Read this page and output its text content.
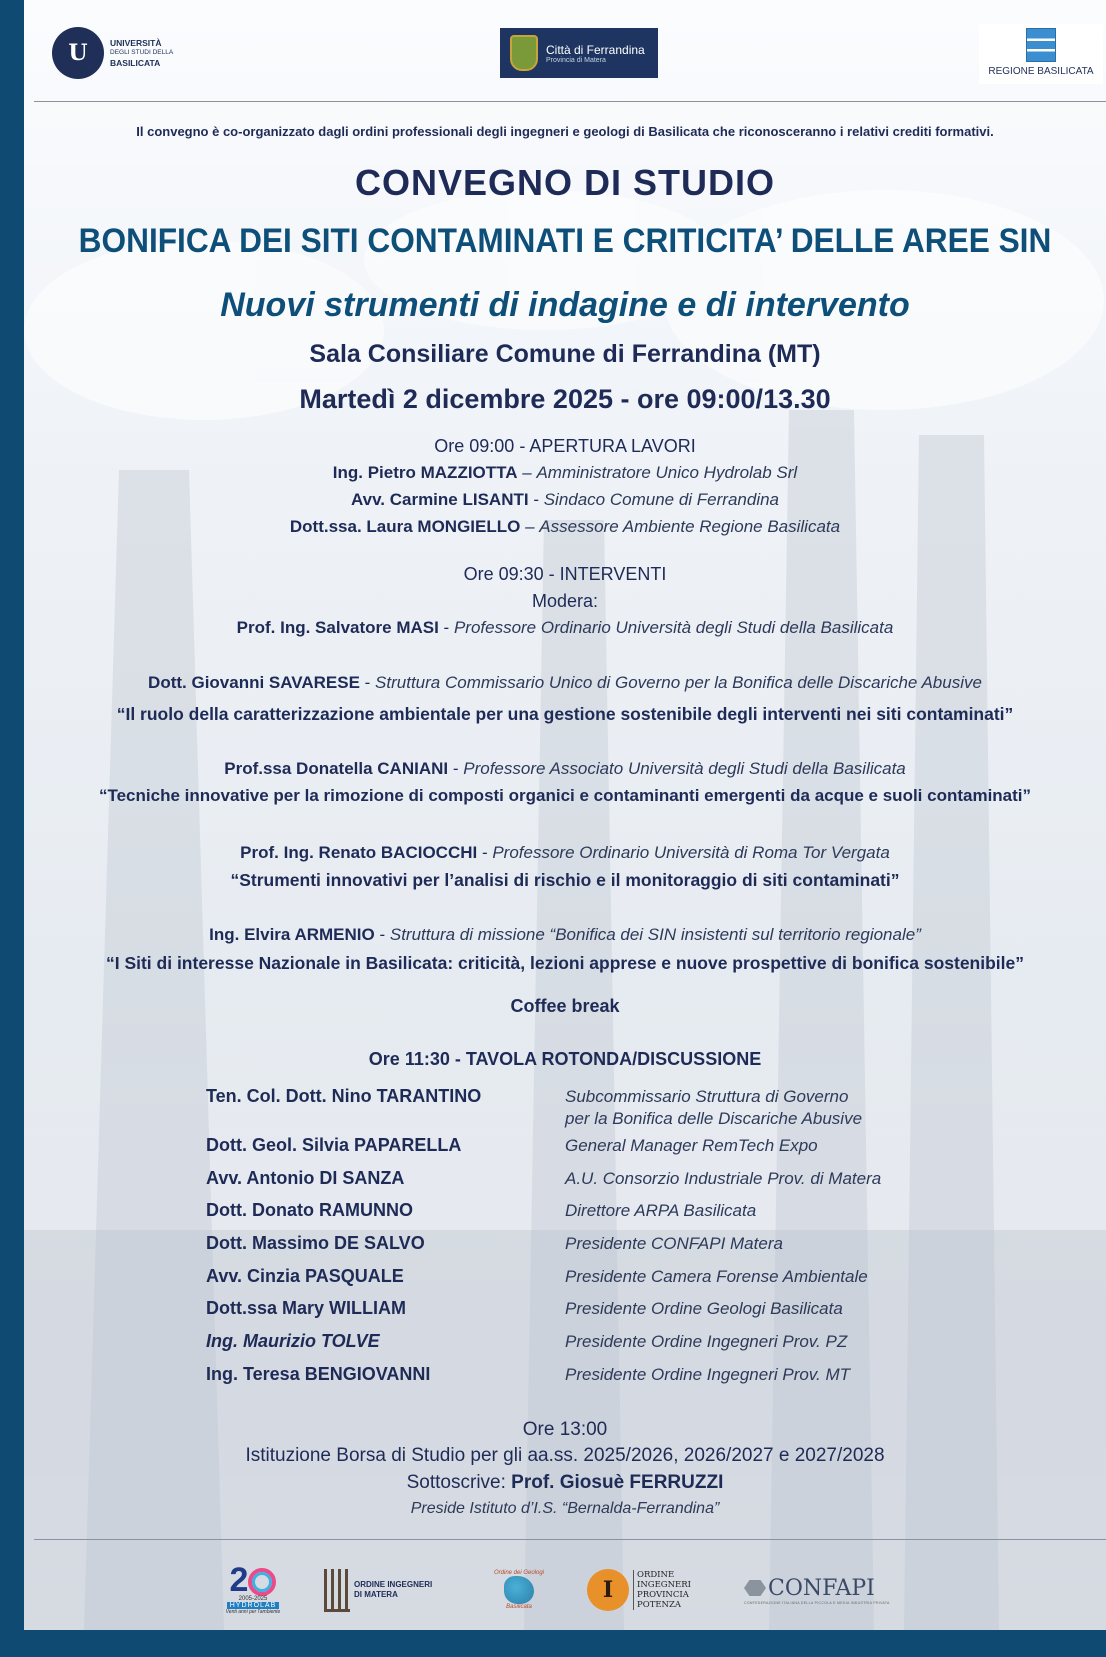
U	UNIVERSITÀ
DEGLI STUDI DELLA
BASILICATA
Città di Ferrandina
Provincia di Matera
REGIONE BASILICATA
Il convegno è co-organizzato dagli ordini professionali degli ingegneri e geologi di Basilicata che riconosceranno i relativi crediti formativi.
CONVEGNO DI STUDIO
BONIFICA DEI SITI CONTAMINATI E CRITICITA’ DELLE AREE SIN
Nuovi strumenti di indagine e di intervento
Sala Consiliare Comune di Ferrandina (MT)
Martedì 2 dicembre 2025 - ore 09:00/13.30
Ore 09:00 - APERTURA LAVORI
Ing. Pietro MAZZIOTTA – Amministratore Unico Hydrolab Srl
Avv. Carmine LISANTI - Sindaco Comune di Ferrandina
Dott.ssa. Laura MONGIELLO – Assessore Ambiente Regione Basilicata
Ore 09:30 - INTERVENTI
Modera:
Prof. Ing. Salvatore MASI - Professore Ordinario Università degli Studi della Basilicata
Dott. Giovanni SAVARESE - Struttura Commissario Unico di Governo per la Bonifica delle Discariche Abusive
“Il ruolo della caratterizzazione ambientale per una gestione sostenibile degli interventi nei siti contaminati”
Prof.ssa Donatella CANIANI - Professore Associato Università degli Studi della Basilicata
“Tecniche innovative per la rimozione di composti organici e contaminanti emergenti da acque e suoli contaminati”
Prof. Ing. Renato BACIOCCHI - Professore Ordinario Università di Roma Tor Vergata
“Strumenti innovativi per l’analisi di rischio e il monitoraggio di siti contaminati”
Ing. Elvira ARMENIO - Struttura di missione “Bonifica dei SIN insistenti sul territorio regionale”
“I Siti di interesse Nazionale in Basilicata: criticità, lezioni apprese e nuove prospettive di bonifica sostenibile”
Coffee break
Ore 11:30 - TAVOLA ROTONDA/DISCUSSIONE
Ten. Col. Dott. Nino TARANTINO	Subcommissario Struttura di Governo
per la Bonifica delle Discariche Abusive
Dott. Geol. Silvia PAPARELLA	General Manager RemTech Expo
Avv. Antonio DI SANZA	A.U. Consorzio Industriale Prov. di Matera
Dott. Donato RAMUNNO	Direttore ARPA Basilicata
Dott. Massimo DE SALVO	Presidente CONFAPI Matera
Avv. Cinzia PASQUALE	Presidente Camera Forense Ambientale
Dott.ssa Mary WILLIAM	Presidente Ordine Geologi Basilicata
Ing. Maurizio TOLVE	Presidente Ordine Ingegneri Prov. PZ
Ing. Teresa BENGIOVANNI	Presidente Ordine Ingegneri Prov. MT
Ore 13:00
Istituzione Borsa di Studio per gli aa.ss. 2025/2026, 2026/2027 e 2027/2028
Sottoscrive: Prof. Giosuè FERRUZZI
Preside Istituto d’I.S. “Bernalda-Ferrandina”
2
2005-2025
HYDROLAB
Venti anni per l'ambiente
ORDINE INGEGNERI
DI MATERA
Ordine dei Geologi
Basilicata
I
ORDINE
INGEGNERI
PROVINCIA
POTENZA
CONFAPI
CONFEDERAZIONE ITALIANA DELLA PICCOLA E MEDIA INDUSTRIA PRIVATA
